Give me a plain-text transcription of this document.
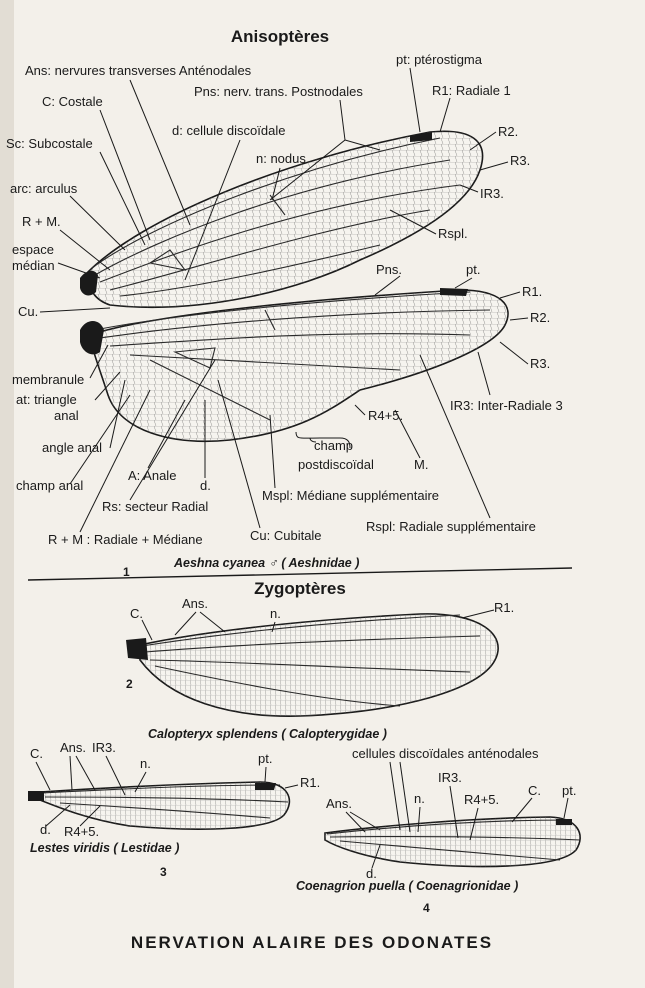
Anisoptères
Ans: nervures transverses Anténodales
pt: ptérostigma
C: Costale
Pns: nerv. trans. Postnodales	R1: Radiale 1
d: cellule discoïdale
Sc: Subcostale
R2.
n: nodus	R3.
arc: arculus	IR3.
R + M.
espace
médian
Rspl.
Cu.
Pns.	pt.
R1.
R2.
membranule
R3.
at: triangle
anal
IR3: Inter-Radiale 3
R4+5.
angle anal	champ
postdiscoïdal
A: Anale
M.
champ anal	d.
Rs: secteur Radial
Mspl: Médiane supplémentaire
R + M : Radiale + Médiane	Cu: Cubitale
Rspl: Radiale supplémentaire
1
Aeshna cyanea ♂ ( Aeshnidae )
Zygoptères
C.
Ans.
n.	R1.
2
Calopteryx splendens ( Calopterygidae )
C. Ans. IR3.
n.	pt.
R1.
d. R4+5.
Lestes viridis ( Lestidae )
3
cellules discoïdales anténodales
IR3.
Ans.	n.	R4+5.
C. pt.
d.
Coenagrion puella ( Coenagrionidae )
4
NERVATION ALAIRE DES ODONATES
